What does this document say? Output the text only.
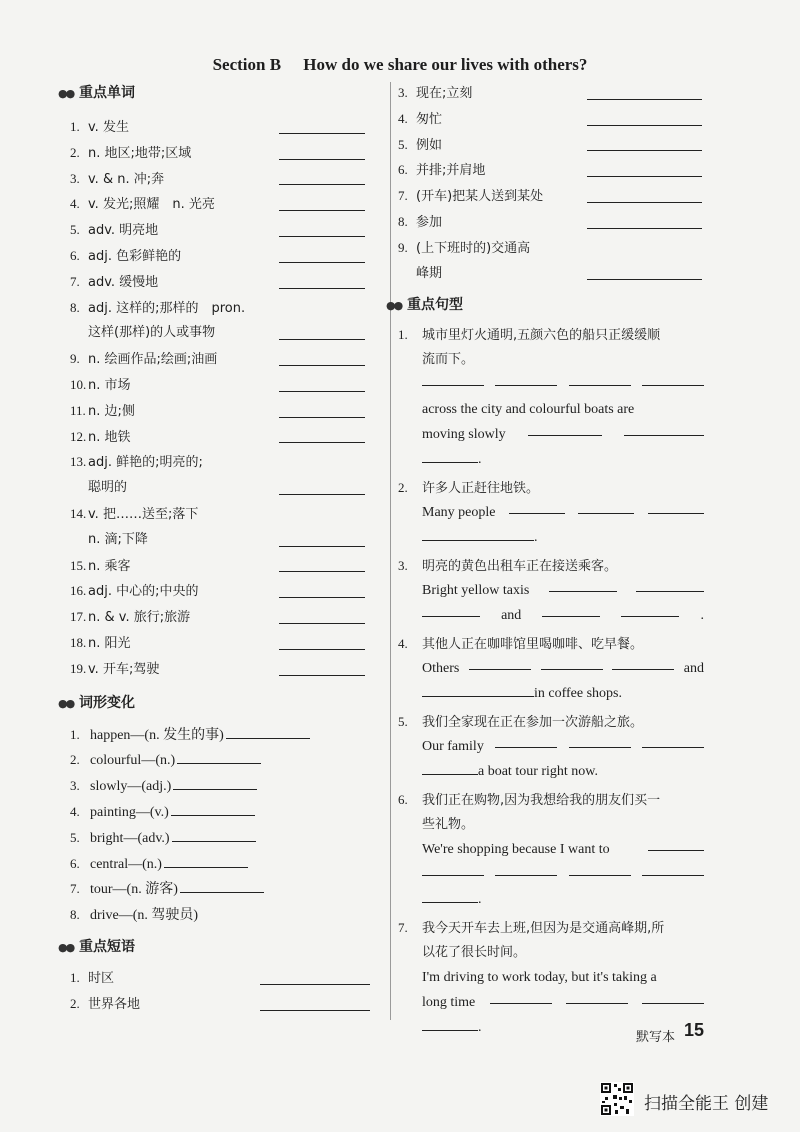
Section B How do we share our lives with others?
●● 重点单词
1. v. 发生
2. n. 地区;地带;区域
3. v. & n. 冲;奔
4. v. 发光;照耀　n. 光亮
5. adv. 明亮地
6. adj. 色彩鲜艳的
7. adv. 缓慢地
8. adj. 这样的;那样的　pron.
这样(那样)的人或事物
9. n. 绘画作品;绘画;油画
10. n. 市场
11. n. 边;侧
12. n. 地铁
13. adj. 鲜艳的;明亮的;
聪明的
14. v. 把……送至;落下
n. 滴;下降
15. n. 乘客
16. adj. 中心的;中央的
17. n. & v. 旅行;旅游
18. n. 阳光
19. v. 开车;驾驶
●● 词形变化
1. happen—(n. 发生的事)
2. colourful—(n.)
3. slowly—(adj.)
4. painting—(v.)
5. bright—(adv.)
6. central—(n.)
7. tour—(n. 游客)
8. drive—(n. 驾驶员)
●● 重点短语
1. 时区
2. 世界各地
3. 现在;立刻
4. 匆忙
5. 例如
6. 并排;并肩地
7. (开车)把某人送到某处
8. 参加
9. (上下班时的)交通高
峰期
●● 重点句型
1. 城市里灯火通明,五颜六色的船只正缓缓顺
流而下。
across the city and colourful boats are
moving slowly
.
2. 许多人正赶往地铁。
Many people
.
3. 明亮的黄色出租车正在接送乘客。
Bright yellow taxis
and	.
4. 其他人正在咖啡馆里喝咖啡、吃早餐。
Others	and
in coffee shops.
5. 我们全家现在正在参加一次游船之旅。
Our family
a boat tour right now.
6. 我们正在购物,因为我想给我的朋友们买一
些礼物。
We're shopping because I want to
.
7. 我今天开车去上班,但因为是交通高峰期,所
以花了很长时间。
I'm driving to work today, but it's taking a
long time
.
默写本 15
扫描全能王 创建
